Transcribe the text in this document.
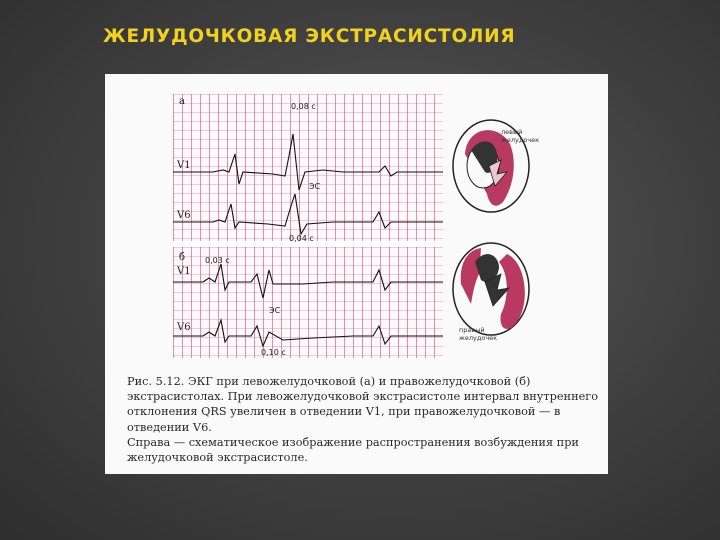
ЖЕЛУДОЧКОВАЯ ЭКСТРАСИСТОЛИЯ
а
V1
V6
б
V1
V6
0,08 с
ЭС
0,04 с
0,03 с
ЭС
0,10 с
левый желудочек
правый желудочек

Рис. 5.12. ЭКГ при левожелудочковой (а) и правожелудочковой (б) экстрасистолах. При левожелудочковой экстрасистоле интервал внутреннего отклонения QRS увеличен в отведении V1, при правожелудочковой — в отведении V6.

Справа — схематическое изображение распространения возбуждения при желудочковой экстрасистоле.
